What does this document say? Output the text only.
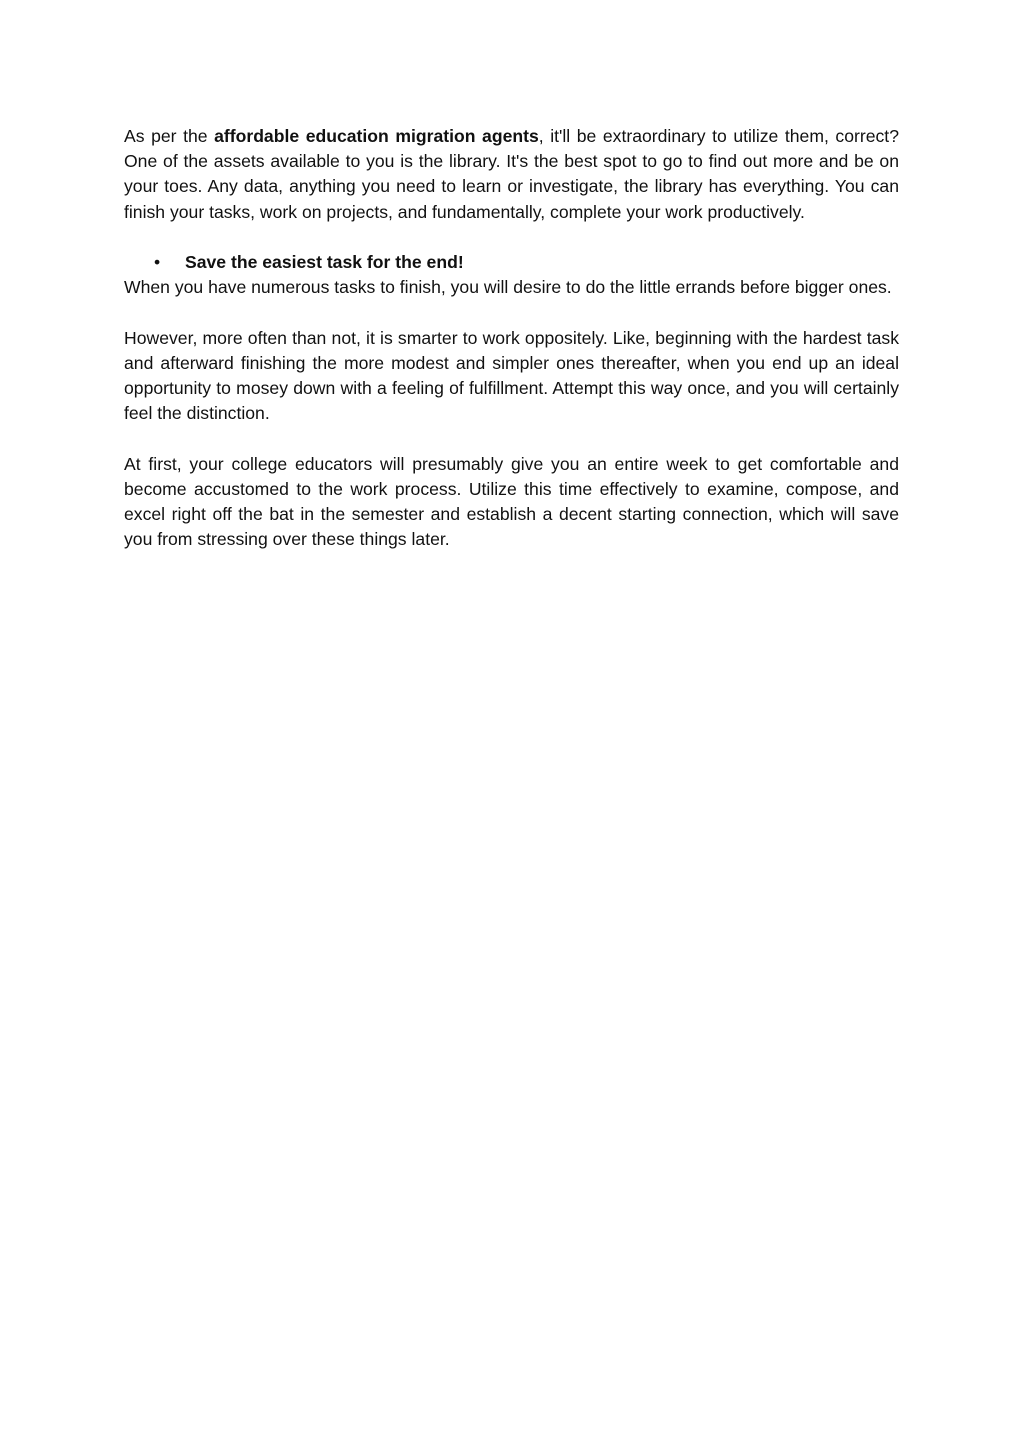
As per the affordable education migration agents, it'll be extraordinary to utilize them, correct? One of the assets available to you is the library. It's the best spot to go to find out more and be on your toes. Any data, anything you need to learn or investigate, the library has everything. You can finish your tasks, work on projects, and fundamentally, complete your work productively.

• Save the easiest task for the end!

When you have numerous tasks to finish, you will desire to do the little errands before bigger ones.

However, more often than not, it is smarter to work oppositely. Like, beginning with the hardest task and afterward finishing the more modest and simpler ones thereafter, when you end up an ideal opportunity to mosey down with a feeling of fulfillment. Attempt this way once, and you will certainly feel the distinction.

At first, your college educators will presumably give you an entire week to get comfortable and become accustomed to the work process. Utilize this time effectively to examine, compose, and excel right off the bat in the semester and establish a decent starting connection, which will save you from stressing over these things later.
